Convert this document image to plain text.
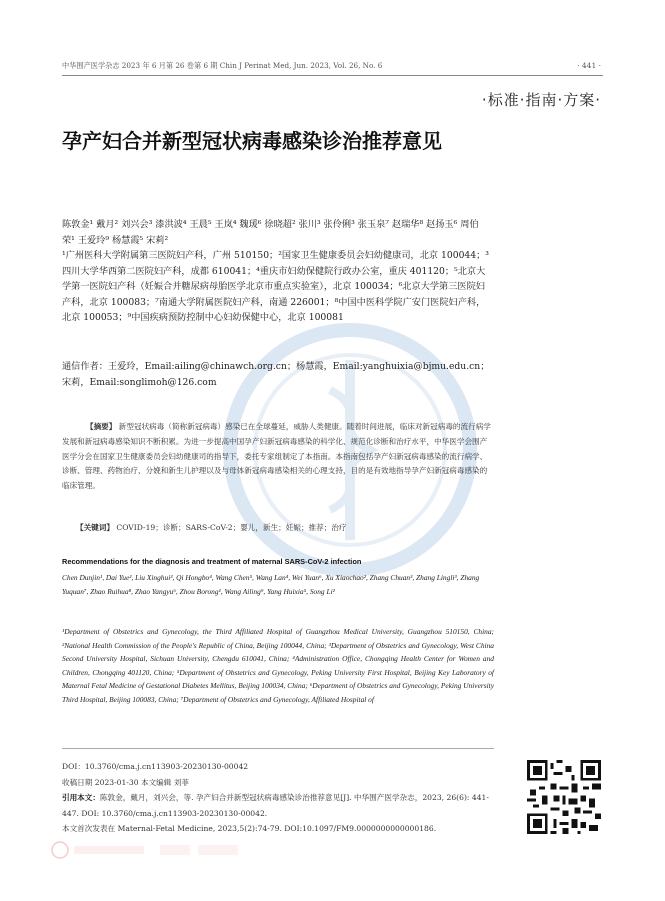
中华围产医学杂志 2023 年 6 月第 26 卷第 6 期 Chin J Perinat Med, Jun. 2023, Vol. 26, No. 6	· 441 ·
·标准·指南·方案·
孕产妇合并新型冠状病毒感染诊治推荐意见
陈敦金¹ 戴月² 刘兴会³ 漆洪波⁴ 王晨⁵ 王岚⁴ 魏瑗⁶ 徐晓超² 张川³ 张伶俐³ 张玉泉⁷ 赵瑞华⁸ 赵扬玉⁶ 周伯荣¹ 王爱玲⁹ 杨慧霞⁵ 宋莉²
¹广州医科大学附属第三医院妇产科，广州 510150；²国家卫生健康委员会妇幼健康司，北京 100044；³四川大学华西第二医院妇产科，成都 610041；⁴重庆市妇幼保健院行政办公室，重庆 401120；⁵北京大学第一医院妇产科（妊娠合并糖尿病母胎医学北京市重点实验室），北京 100034；⁶北京大学第三医院妇产科，北京 100083；⁷南通大学附属医院妇产科，南通 226001；⁸中国中医科学院广安门医院妇产科，北京 100053；⁹中国疾病预防控制中心妇幼保健中心，北京 100081
通信作者：王爱玲，Email:ailing@chinawch.org.cn；杨慧霞，Email:yanghuixia@bjmu.edu.cn；宋莉，Email:songlimoh@126.com
【摘要】 新型冠状病毒（简称新冠病毒）感染已在全球蔓延，威胁人类健康。随着时间进展，临床对新冠病毒的流行病学发展和新冠病毒感染知识不断积累。为进一步提高中国孕产妇新冠病毒感染的科学化、规范化诊断和治疗水平，中华医学会围产医学分会在国家卫生健康委员会妇幼健康司的指导下，委托专家组制定了本指南。本指南包括孕产妇新冠病毒感染的流行病学、诊断、管理、药物治疗、分娩和新生儿护理以及与母体新冠病毒感染相关的心理支持，目的是有效地指导孕产妇新冠病毒感染的临床管理。
【关键词】 COVID-19；诊断；SARS-CoV-2；婴儿，新生；妊娠；推荐；治疗
Recommendations for the diagnosis and treatment of maternal SARS-CoV-2 infection
Chen Dunjin¹, Dai Yue², Liu Xinghui³, Qi Hongbo⁴, Wang Chen⁵, Wang Lan⁴, Wei Yuan⁶, Xu Xiaochao², Zhang Chuan³, Zhang Lingli³, Zhang Yuquan⁷, Zhao Ruihua⁸, Zhao Yangyu⁶, Zhou Borong¹, Wang Ailing⁹, Yang Huixia⁵, Song Li²
¹Department of Obstetrics and Gynecology, the Third Affiliated Hospital of Guangzhou Medical University, Guangzhou 510150, China; ²National Health Commission of the People's Republic of China, Beijing 100044, China; ³Department of Obstetrics and Gynecology, West China Second University Hospital, Sichuan University, Chengdu 610041, China; ⁴Administration Office, Chongqing Health Center for Women and Children, Chongqing 401120, China; ⁵Department of Obstetrics and Gynecology, Peking University First Hospital, Beijing Key Laboratory of Maternal Fetal Medicine of Gestational Diabetes Mellitus, Beijing 100034, China; ⁶Department of Obstetrics and Gynecology, Peking University Third Hospital, Beijing 100083, China; ⁷Department of Obstetrics and Gynecology, Affiliated Hospital of
DOI：10.3760/cma.j.cn113903-20230130-00042
收稿日期 2023-01-30 本文编辑 刘菲
引用本文：陈敦金，戴月，刘兴会，等. 孕产妇合并新型冠状病毒感染诊治推荐意见[J]. 中华围产医学杂志，2023, 26(6): 441-447. DOI: 10.3760/cma.j.cn113903-20230130-00042.
本文首次发表在 Maternal-Fetal Medicine, 2023,5(2):74-79. DOI:10.1097/FM9.0000000000000186.
